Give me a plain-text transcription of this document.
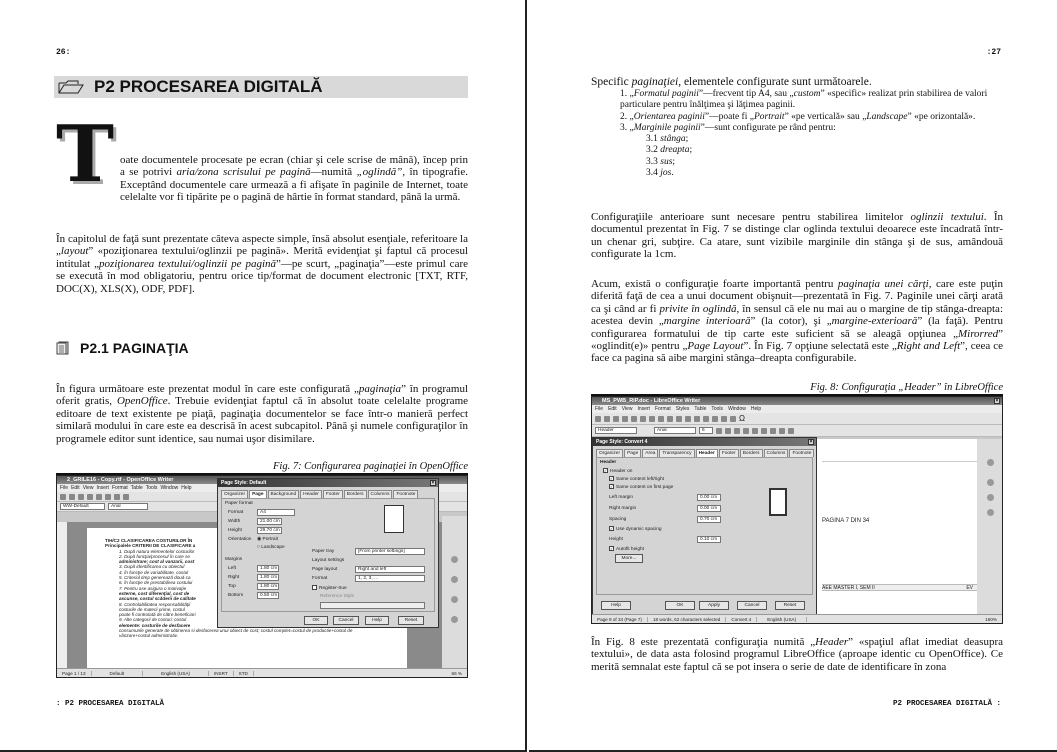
26:
P2 PROCESAREA DIGITALĂ
T oate documentele procesate pe ecran (chiar şi cele scrise de mână), încep prin a se potrivi aria/zona scrisului pe pagină—numită „oglindă”, în tipografie. Exceptând documentele care urmează a fi afişate în paginile de Internet, toate celelalte vor fi tipărite pe o pagină de hârtie în format standard, până la urmă.
În capitolul de faţă sunt prezentate câteva aspecte simple, însă absolut esenţiale, referitoare la „layout” «poziţionarea textului/oglinzii pe pagină». Merită evidenţiat şi faptul că procesul intitulat „poziţionarea textului/oglinzii pe pagină”—pe scurt, „paginaţia”—este primul care se execută în mod obligatoriu, pentru orice tip/format de document electronic [TXT, RTF, DOC(X), XLS(X), ODF, PDF].
P2.1 PAGINAŢIA
În figura următoare este prezentat modul în care este configurată „paginaţia” în programul oferit gratis, OpenOffice. Trebuie evidenţiat faptul că în absolut toate celelalte programe editoare de text existente pe piaţă, paginaţia documentelor se face într-o manieră perfect similară modului în care este ea descrisă în acest subcapitol. Până şi numele configuraţilor în programele editor sunt identice, sau numai uşor disimilare.
Fig. 7: Configurarea paginaţiei în OpenOffice
2_GRILE16 - Copy.rtf - OpenOffice Writer
File Edit View Insert Format Table Tools Window Help
WW-Default	Arial
TIH/C2 CLASIFICAREA COSTURILOR ÎN
Principalele CRITERII DE CLASIFICARE a
1. După natura elementelor costurilor
2. După funcţia/procesul în care se
administrare; cost al vanzarii, cost
3. După identificarea cu obiectul
4. În funcţie de variabilitate, costul
5. Criteriul timp generează două ca
6. În funcţie de prestabilirea costului
7. Pentru ase asigura o motivaţie
externe, cost diferenţial, cost de
ascunse, costul scăderii de calitate
8. Controlabilitatea responsabilităţii
costurile de materii prime, costul
poate fi controlată de către beneficiari
9. Alte categorii de costuri: costul
elemente: costurile de desfacere
consumurile generate de obtinerea si desfacerea unui obiect de cost; costul complet=costul de productie+costul de
vânzare+costul administrativ.
Page Style: Default	×
Organizer	Page	Background	Header	Footer	Borders	Columns	Footnote
Paper format
Format	A4
Width	21.00 cm
Height	29.70 cm
Orientation ◉ Portrait
○ Landscape
Paper tray	[From printer settings]
Margins	Layout settings
Left	1.80 cm	Page layout	Right and left
Right	1.80 cm	Format	1, 2, 3, ...
Top	1.80 cm	Register-true
Bottom	0.50 cm	Reference Style
OK	Cancel	Help	Reset
Page 1 / 13	Default	English (USA)	INSRT	STD	66 %
: P2 PROCESAREA DIGITALĂ
:27
Specific paginaţiei, elementele configurate sunt următoarele.
1. „Formatul paginii”—frecvent tip A4, sau „custom” «specific» realizat prin stabilirea de valori particulare pentru înălţimea şi lăţimea paginii.
2. „Orientarea paginii”—poate fi „Portrait” «pe verticală» sau „Landscape” «pe orizontală».
3. „Marginile paginii”—sunt configurate pe rând pentru:
3.1 stânga;
3.2 dreapta;
3.3 sus;
3.4 jos.
Configuraţiile anterioare sunt necesare pentru stabilirea limitelor oglinzii textului. În documentul prezentat în Fig. 7 se distinge clar oglinda textului deoarece este încadrată într-un chenar gri, subţire. Ca atare, sunt vizibile marginile din stânga şi de sus, amândouă configurate la 1cm.
Acum, există o configuraţie foarte importantă pentru paginaţia unei cărţi, care este puţin diferită faţă de cea a unui document obişnuit—prezentată în Fig. 7. Paginile unei cărţi arată ca şi când ar fi privite în oglindă, în sensul că ele nu mai au o margine de tip stânga-dreapta: acestea devin „margine interioară” (la cotor), şi „margine-exterioară” (la faţă). Pentru configurarea formatului de tip carte este suficient să se aleagă opţiunea „Mirorred” «oglindit(e)» pentru „Page Layout”. În Fig. 7 opţiune selectată este „Right and Left”, ceea ce face ca pagina să aibe margini stânga–dreapta configurabile.
Fig. 8: Configuraţia „Header” în LibreOffice
MS_PWB_RIP.doc - LibreOffice Writer	×
File Edit View Insert Format Styles Table Tools Window Help
Ω
Header	Arial	6
PAGINA 7 DIN 34
AEE MASTER I, SEM II	EV
Page Style: Convert 4	×
Organizer	Page	Area	Transparency	Header	Footer	Borders	Columns	Footnote
Header
✓ Header on
✓ Same content left/right
✓ Same content on first page
Left margin	0.00 cm
Right margin	0.00 cm
Spacing	0.70 cm
✓ Use dynamic spacing
Height	0.10 cm
✓ Autofit height
More...
Help	OK	Apply	Cancel	Reset
Page 9 of 34 (Page 7)	18 words, 62 characters selected	Convert 4	English (USA)	160%
În Fig. 8 este prezentată configuraţia numită „Header” «spaţiul aflat imediat deasupra textului», de data asta folosind programul LibreOffice (aproape identic cu OpenOffice). Ce merită semnalat este faptul că se pot insera o serie de date de identificare în zona
P2 PROCESAREA DIGITALĂ :
